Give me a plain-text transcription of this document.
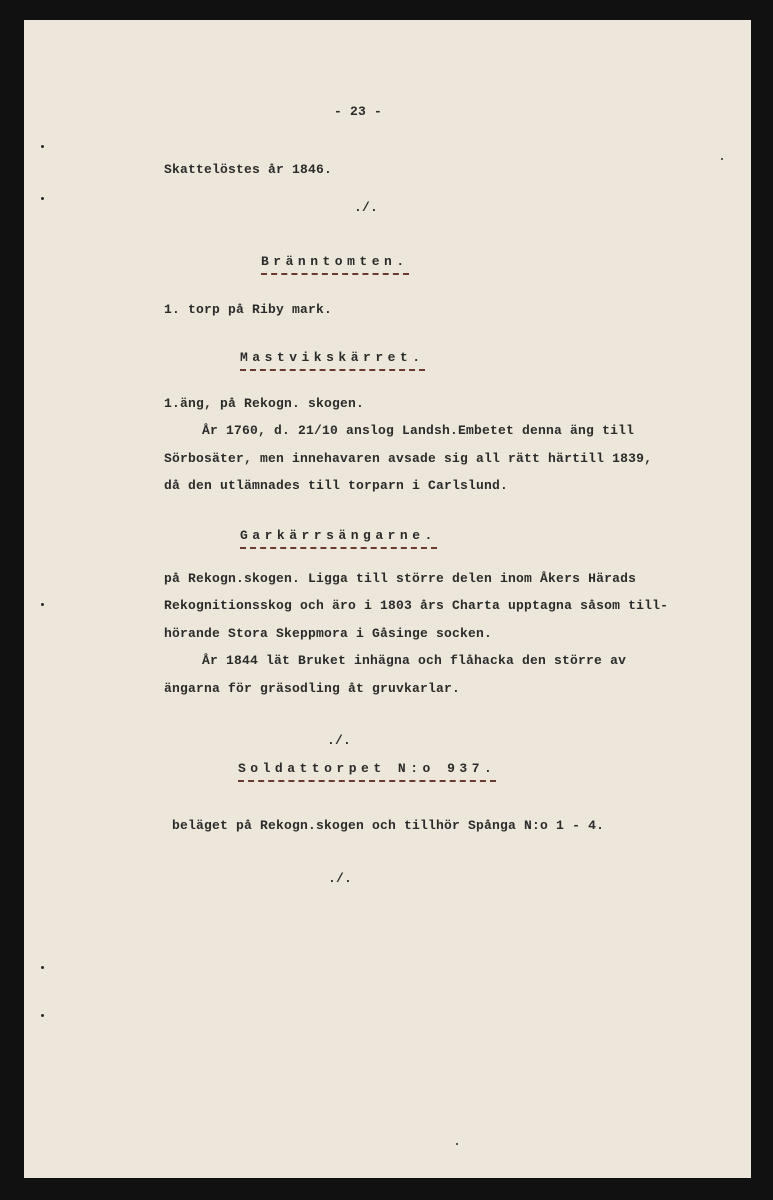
- 23 -
Skattelöstes år 1846.
./.
Bränntomten.
1. torp på Riby mark.
Mastvikskärret.
1.äng, på Rekogn. skogen.
År 1760, d. 21/10 anslog Landsh.Embetet denna äng till
Sörbosäter, men innehavaren avsade sig all rätt härtill 1839,
då den utlämnades till torparn i Carlslund.
Garkärrsängarne.
på Rekogn.skogen. Ligga till större delen inom Åkers Härads
Rekognitionsskog och äro i 1803 års Charta upptagna såsom till-
hörande Stora Skeppmora i Gåsinge socken.
År 1844 lät Bruket inhägna och flåhacka den större av
ängarna för gräsodling åt gruvkarlar.
./.
Soldattorpet N:o 937.
beläget på Rekogn.skogen och tillhör Spånga N:o 1 - 4.
./.
